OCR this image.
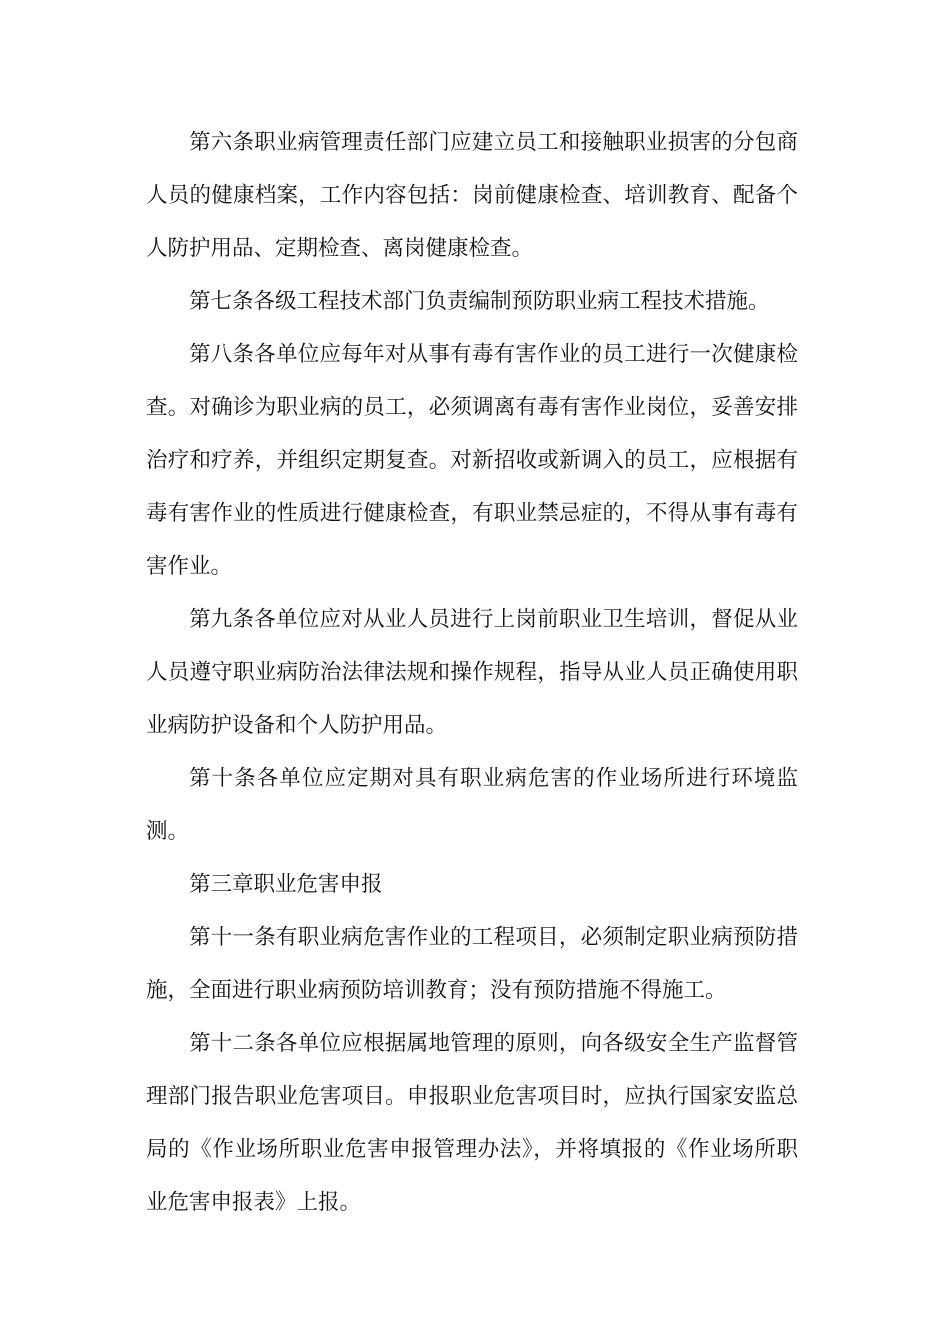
第六条职业病管理责任部门应建立员工和接触职业损害的分包商人员的健康档案，工作内容包括：岗前健康检查、培训教育、配备个人防护用品、定期检查、离岗健康检查。

第七条各级工程技术部门负责编制预防职业病工程技术措施。

第八条各单位应每年对从事有毒有害作业的员工进行一次健康检查。对确诊为职业病的员工，必须调离有毒有害作业岗位，妥善安排治疗和疗养，并组织定期复查。对新招收或新调入的员工，应根据有毒有害作业的性质进行健康检查，有职业禁忌症的，不得从事有毒有害作业。

第九条各单位应对从业人员进行上岗前职业卫生培训，督促从业人员遵守职业病防治法律法规和操作规程，指导从业人员正确使用职业病防护设备和个人防护用品。

第十条各单位应定期对具有职业病危害的作业场所进行环境监测。

第三章职业危害申报

第十一条有职业病危害作业的工程项目，必须制定职业病预防措施，全面进行职业病预防培训教育；没有预防措施不得施工。

第十二条各单位应根据属地管理的原则，向各级安全生产监督管理部门报告职业危害项目。申报职业危害项目时，应执行国家安监总局的《作业场所职业危害申报管理办法》，并将填报的《作业场所职业危害申报表》上报。
